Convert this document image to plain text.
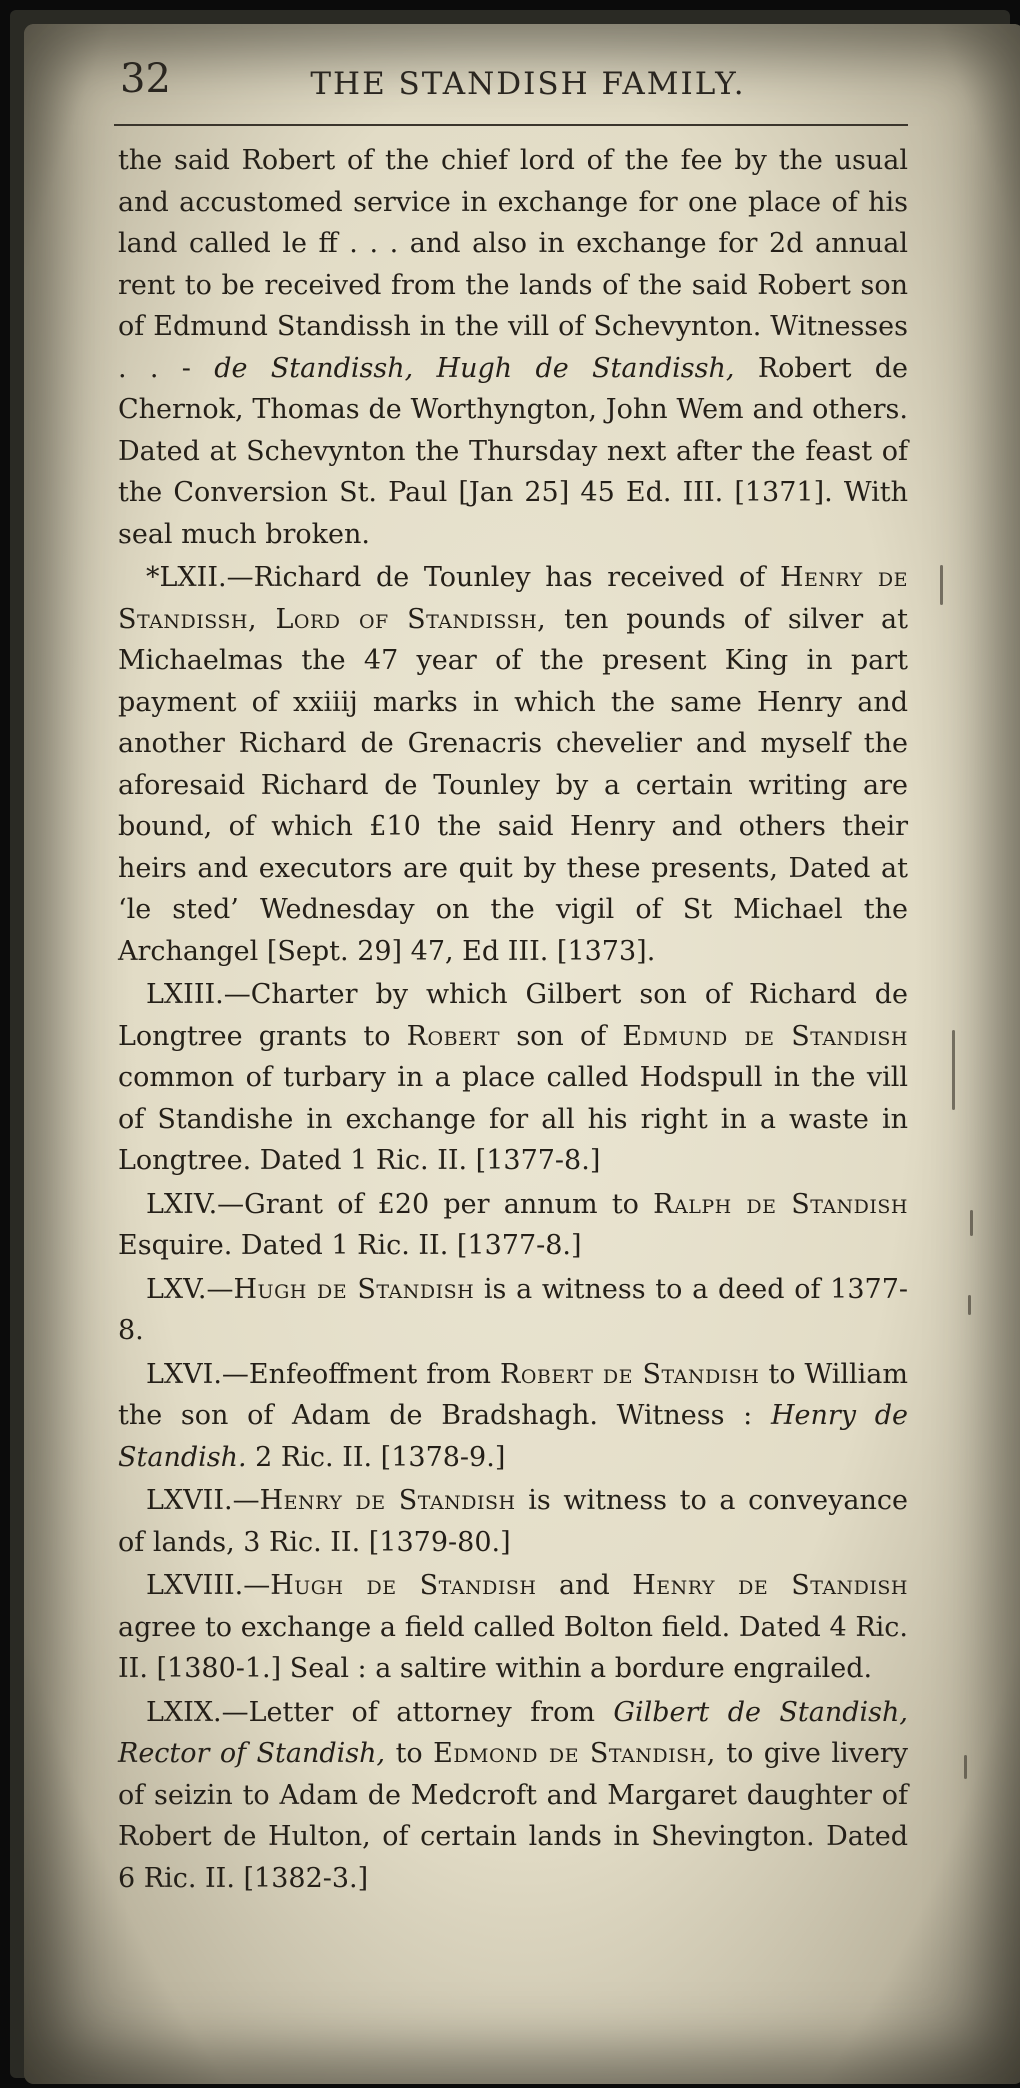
32	THE STANDISH FAMILY.

the said Robert of the chief lord of the fee by the usual and accustomed service in exchange for one place of his land called le ff . . . and also in exchange for 2d annual rent to be received from the lands of the said Robert son of Edmund Standissh in the vill of Schevynton. Witnesses . . - de Standissh, Hugh de Standissh, Robert de Chernok, Thomas de Worthyngton, John Wem and others. Dated at Schevynton the Thursday next after the feast of the Conversion St. Paul [Jan 25] 45 Ed. III. [1371]. With seal much broken.

*LXII.—Richard de Tounley has received of Henry de Standissh, Lord of Standissh, ten pounds of silver at Michaelmas the 47 year of the present King in part payment of xxiiij marks in which the same Henry and another Richard de Grenacris chevelier and myself the aforesaid Richard de Tounley by a certain writing are bound, of which £10 the said Henry and others their heirs and executors are quit by these presents, Dated at ‘le sted’ Wednesday on the vigil of St Michael the Archangel [Sept. 29] 47, Ed III. [1373].

LXIII.—Charter by which Gilbert son of Richard de Longtree grants to Robert son of Edmund de Standish common of turbary in a place called Hodspull in the vill of Standishe in exchange for all his right in a waste in Longtree. Dated 1 Ric. II. [1377-8.]

LXIV.—Grant of £20 per annum to Ralph de Standish Esquire. Dated 1 Ric. II. [1377-8.]

LXV.—Hugh de Standish is a witness to a deed of 1377-8.

LXVI.—Enfeoffment from Robert de Standish to William the son of Adam de Bradshagh. Witness : Henry de Standish. 2 Ric. II. [1378-9.]

LXVII.—Henry de Standish is witness to a conveyance of lands, 3 Ric. II. [1379-80.]

LXVIII.—Hugh de Standish and Henry de Standish agree to exchange a field called Bolton field. Dated 4 Ric. II. [1380-1.] Seal : a saltire within a bordure engrailed.

LXIX.—Letter of attorney from Gilbert de Standish, Rector of Standish, to Edmond de Standish, to give livery of seizin to Adam de Medcroft and Margaret daughter of Robert de Hulton, of certain lands in Shevington. Dated 6 Ric. II. [1382-3.]
